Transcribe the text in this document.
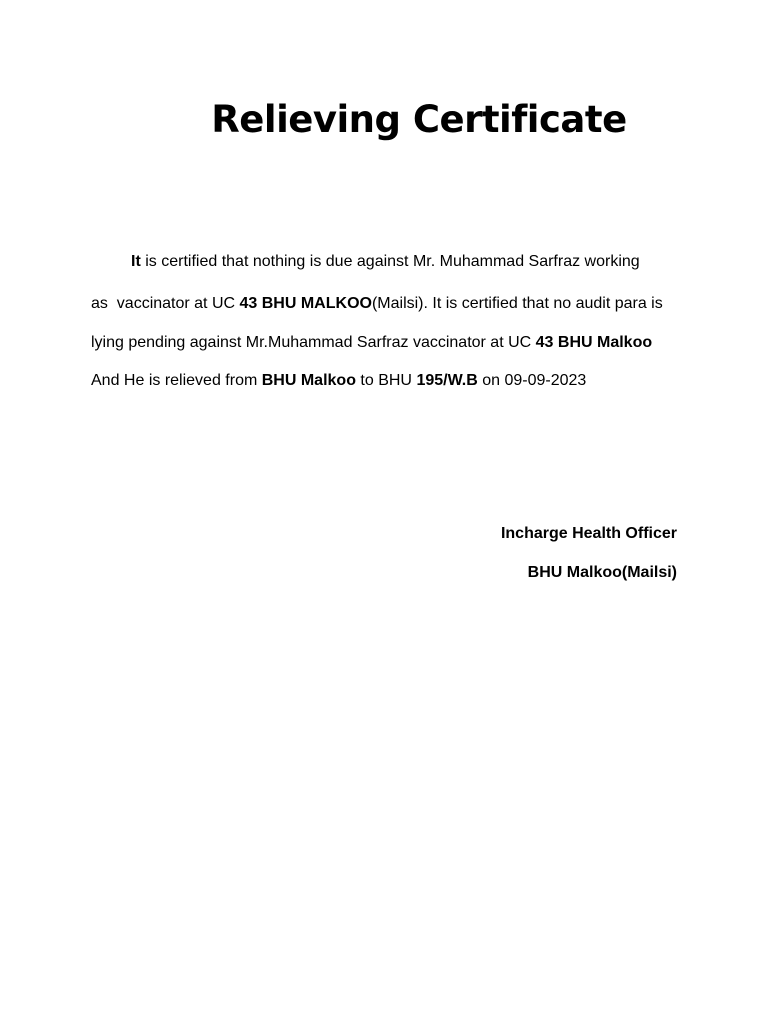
Relieving Certificate
It is certified that nothing is due against Mr. Muhammad Sarfraz working
as  vaccinator at UC 43 BHU MALKOO(Mailsi). It is certified that no audit para is
lying pending against Mr.Muhammad Sarfraz vaccinator at UC 43 BHU Malkoo
And He is relieved from BHU Malkoo to BHU 195/W.B on 09-09-2023
Incharge Health Officer
BHU Malkoo(Mailsi)
